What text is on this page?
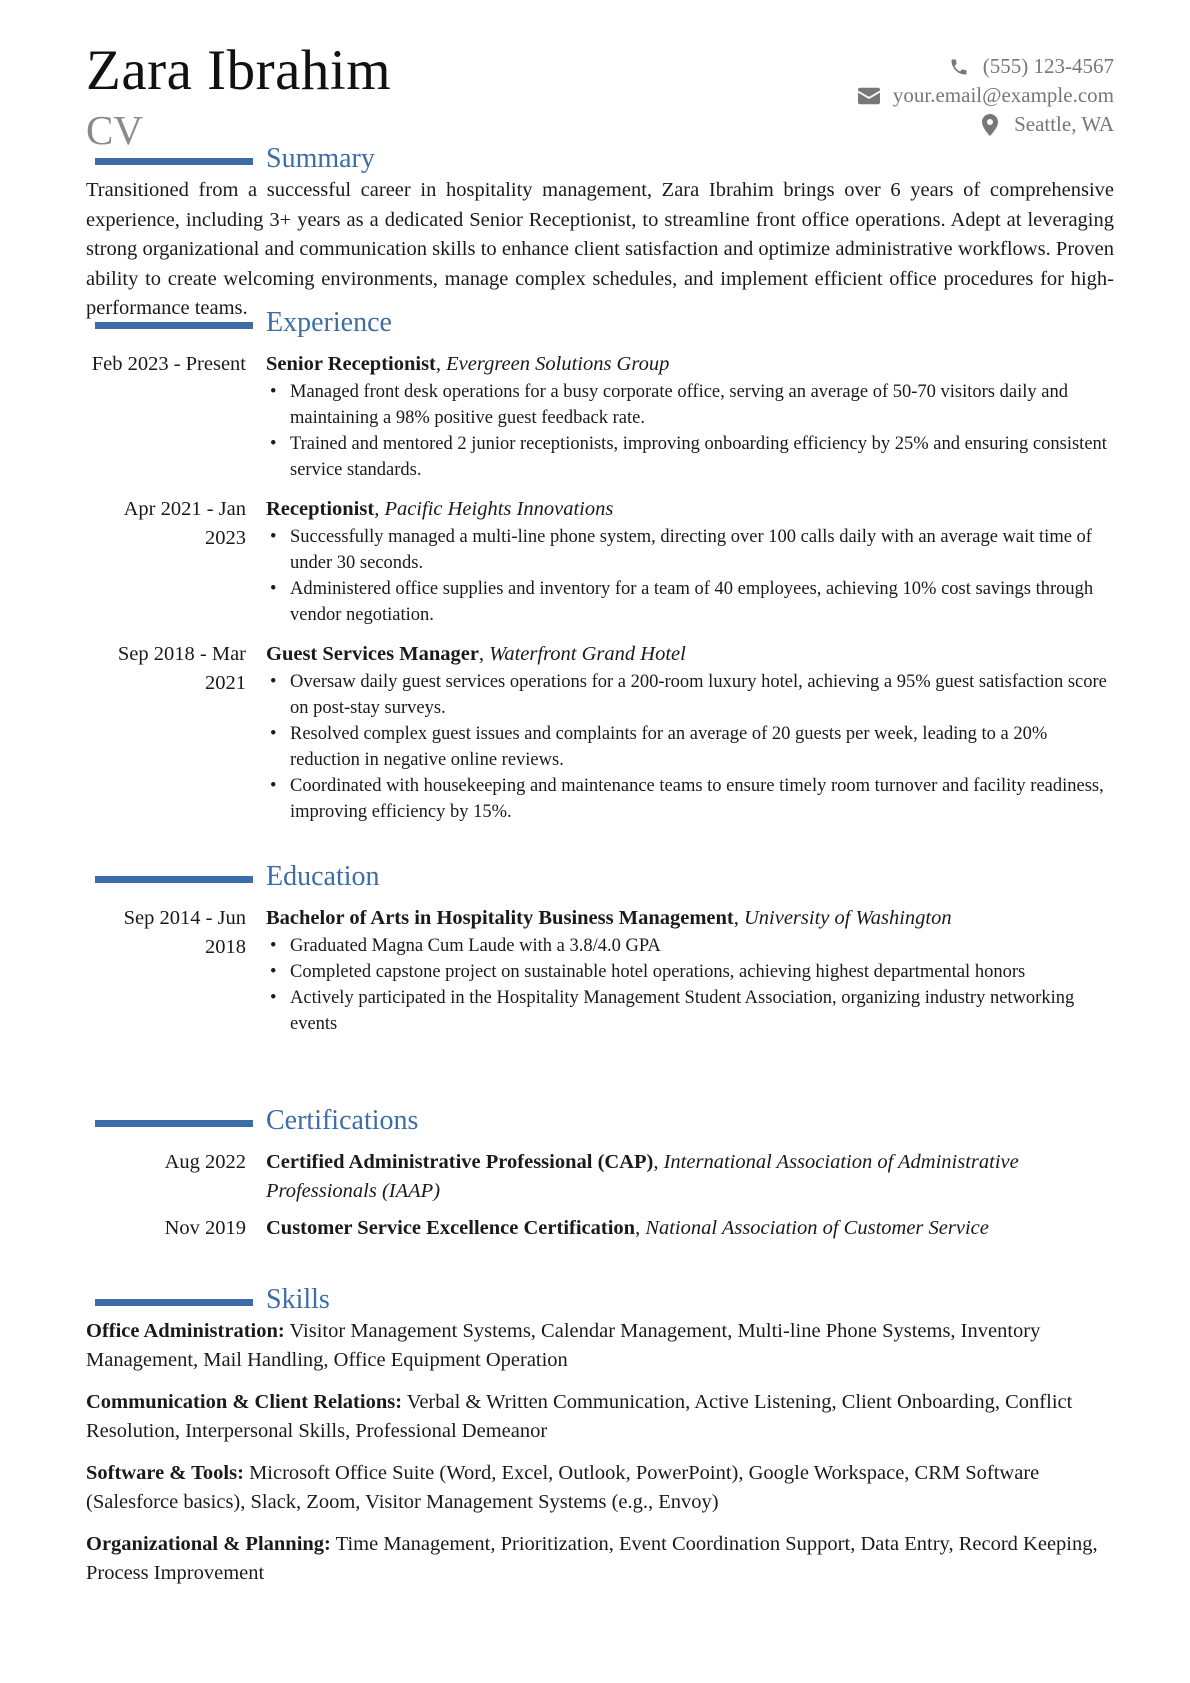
Zara Ibrahim
CV
(555) 123-4567
your.email@example.com
Seattle, WA
Summary
Transitioned from a successful career in hospitality management, Zara Ibrahim brings over 6 years of comprehensive experience, including 3+ years as a dedicated Senior Receptionist, to streamline front office operations. Adept at leveraging strong organizational and communication skills to enhance client satisfaction and optimize administrative workflows. Proven ability to create welcoming environments, manage complex schedules, and implement efficient office procedures for high-performance teams. Experience
Feb 2023 - Present Senior Receptionist, Evergreen Solutions Group
• Managed front desk operations for a busy corporate office, serving an average of 50-70 visitors daily and maintaining a 98% positive guest feedback rate.
• Trained and mentored 2 junior receptionists, improving onboarding efficiency by 25% and ensuring consistent service standards.
Apr 2021 - Jan 2023
Receptionist, Pacific Heights Innovations
• Successfully managed a multi-line phone system, directing over 100 calls daily with an average wait time of under 30 seconds.
• Administered office supplies and inventory for a team of 40 employees, achieving 10% cost savings through vendor negotiation.
Sep 2018 - Mar 2021
Guest Services Manager, Waterfront Grand Hotel
• Oversaw daily guest services operations for a 200-room luxury hotel, achieving a 95% guest satisfaction score on post-stay surveys.
• Resolved complex guest issues and complaints for an average of 20 guests per week, leading to a 20% reduction in negative online reviews.
• Coordinated with housekeeping and maintenance teams to ensure timely room turnover and facility readiness, improving efficiency by 15%.
Education
Sep 2014 - Jun 2018
Bachelor of Arts in Hospitality Business Management, University of Washington
• Graduated Magna Cum Laude with a 3.8/4.0 GPA
• Completed capstone project on sustainable hotel operations, achieving highest departmental honors
• Actively participated in the Hospitality Management Student Association, organizing industry networking events
Certifications
Aug 2022 Certified Administrative Professional (CAP), International Association of Administrative Professionals (IAAP)
Nov 2019 Customer Service Excellence Certification, National Association of Customer Service
Skills
Office Administration: Visitor Management Systems, Calendar Management, Multi-line Phone Systems, Inventory Management, Mail Handling, Office Equipment Operation
Communication & Client Relations: Verbal & Written Communication, Active Listening, Client Onboarding, Conflict Resolution, Interpersonal Skills, Professional Demeanor
Software & Tools: Microsoft Office Suite (Word, Excel, Outlook, PowerPoint), Google Workspace, CRM Software (Salesforce basics), Slack, Zoom, Visitor Management Systems (e.g., Envoy)
Organizational & Planning: Time Management, Prioritization, Event Coordination Support, Data Entry, Record Keeping, Process Improvement
